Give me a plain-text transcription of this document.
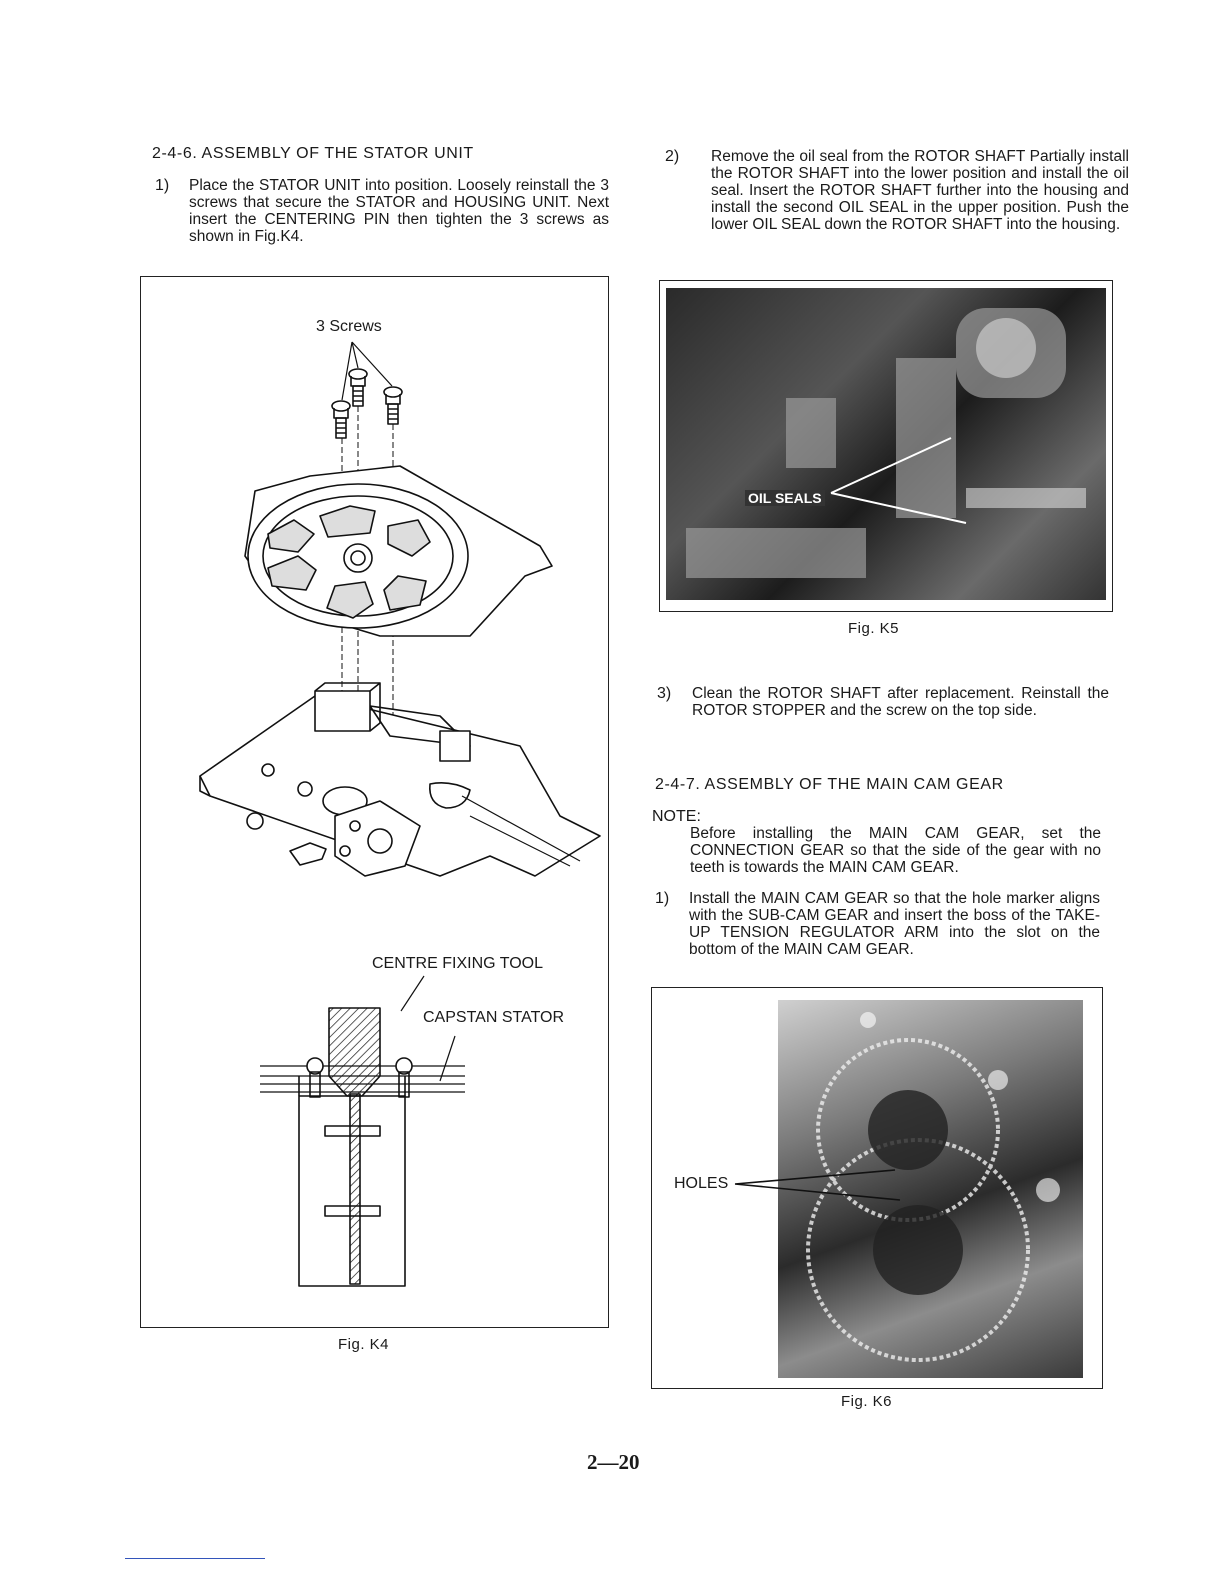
2-4-6. ASSEMBLY OF THE STATOR UNIT
1) Place the STATOR UNIT into position. Loosely reinstall the 3 screws that secure the STATOR and HOUSING UNIT. Next insert the CENTERING PIN then tighten the 3 screws as shown in Fig.K4.
3 Screws
CENTRE FIXING TOOL
CAPSTAN STATOR
Fig. K4
2) Remove the oil seal from the ROTOR SHAFT Partially install the ROTOR SHAFT into the lower position and install the oil seal. Insert the ROTOR SHAFT further into the housing and install the second OIL SEAL in the upper position. Push the lower OIL SEAL down the ROTOR SHAFT into the housing.
OIL SEALS
Fig. K5
3) Clean the ROTOR SHAFT after replacement. Reinstall the ROTOR STOPPER and the screw on the top side.
2-4-7. ASSEMBLY OF THE MAIN CAM GEAR
NOTE:
Before installing the MAIN CAM GEAR, set the CONNECTION GEAR so that the side of the gear with no teeth is towards the MAIN CAM GEAR.
1) Install the MAIN CAM GEAR so that the hole marker aligns with the SUB-CAM GEAR and insert the boss of the TAKE-UP TENSION REGULATOR ARM into the slot on the bottom of the MAIN CAM GEAR.
HOLES
Fig. K6
2—20
